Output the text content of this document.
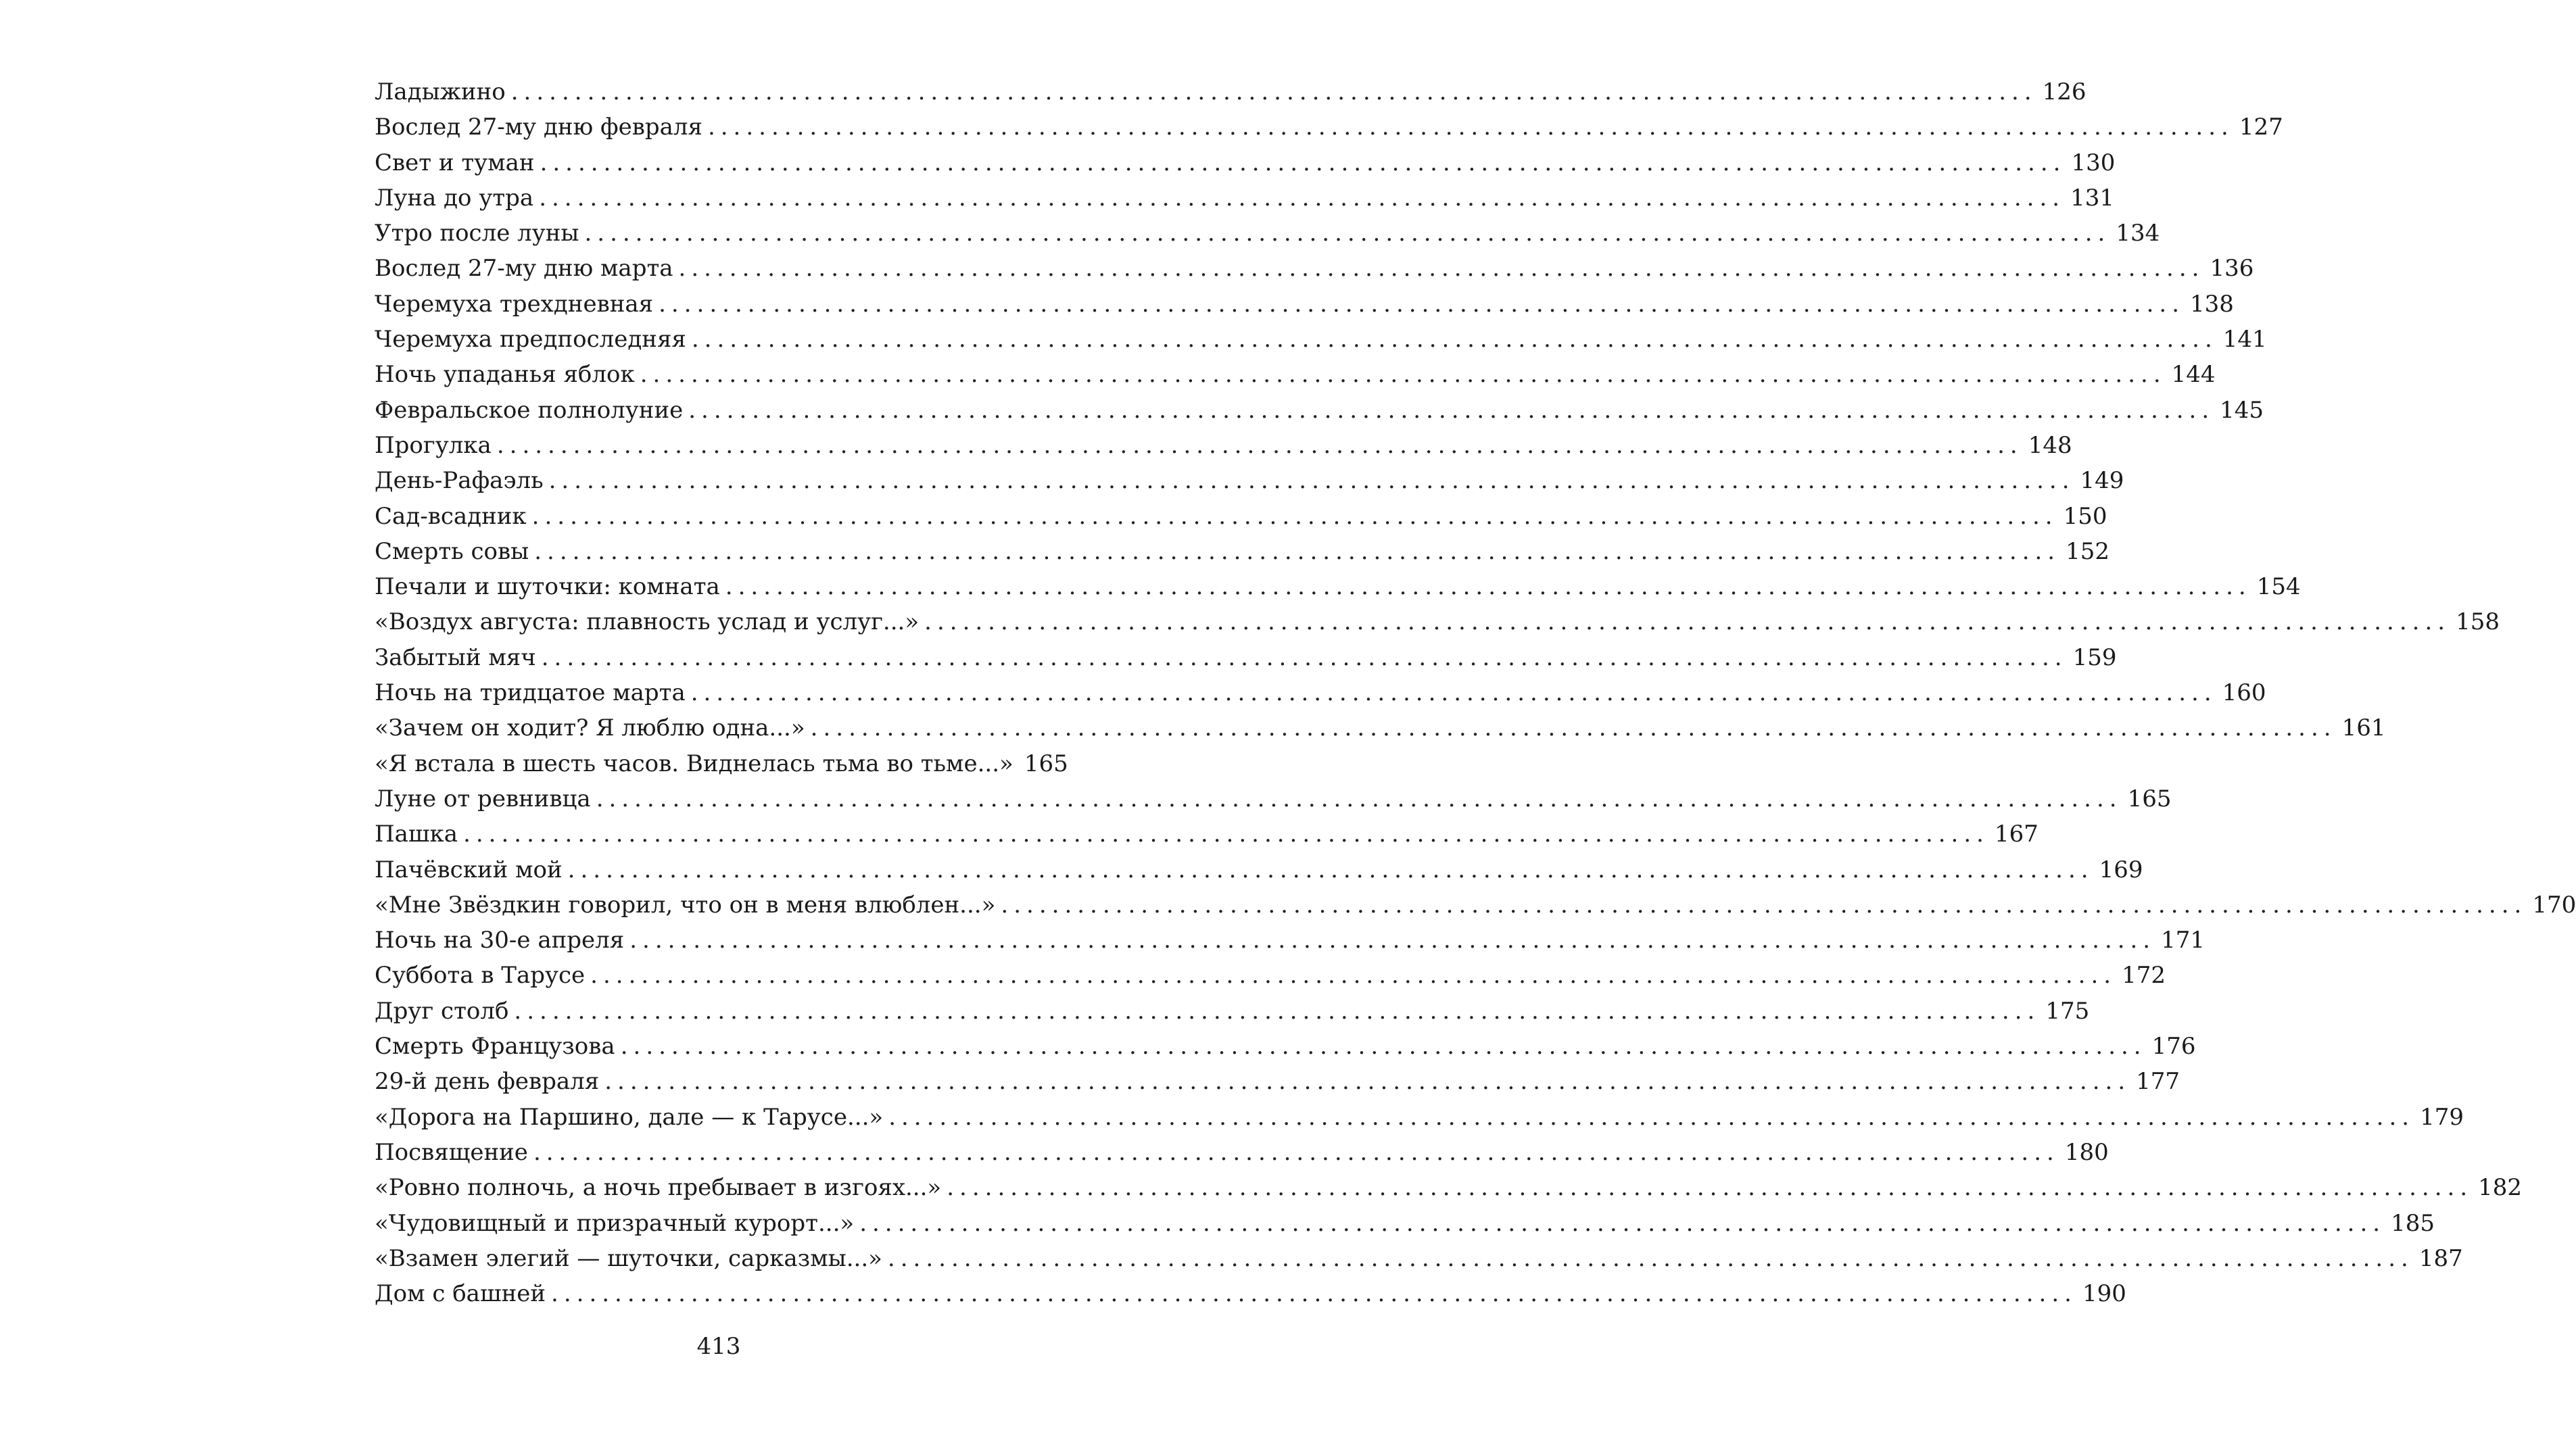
Ладыжино ........................................................................................................................ 126
Вослед 27-му дню февраля ........................................................................................................................ 127
Свет и туман ........................................................................................................................ 130
Луна до утра ........................................................................................................................ 131
Утро после луны ........................................................................................................................ 134
Вослед 27-му дню марта ........................................................................................................................ 136
Черемуха трехдневная ........................................................................................................................ 138
Черемуха предпоследняя ........................................................................................................................ 141
Ночь упаданья яблок ........................................................................................................................ 144
Февральское полнолуние ........................................................................................................................ 145
Прогулка ........................................................................................................................ 148
День-Рафаэль ........................................................................................................................ 149
Сад-всадник ........................................................................................................................ 150
Смерть совы ........................................................................................................................ 152
Печали и шуточки: комната ........................................................................................................................ 154
«Воздух августа: плавность услад и услуг...» ........................................................................................................................ 158
Забытый мяч ........................................................................................................................ 159
Ночь на тридцатое марта ........................................................................................................................ 160
«Зачем он ходит? Я люблю одна...» ........................................................................................................................ 161
«Я встала в шесть часов. Виднелась тьма во тьме...» 165
Луне от ревнивца ........................................................................................................................ 165
Пашка ........................................................................................................................ 167
Пачёвский мой ........................................................................................................................ 169
«Мне Звёздкин говорил, что он в меня влюблен...» ........................................................................................................................ 170
Ночь на 30-е апреля ........................................................................................................................ 171
Суббота в Тарусе ........................................................................................................................ 172
Друг столб ........................................................................................................................ 175
Смерть Французова ........................................................................................................................ 176
29-й день февраля ........................................................................................................................ 177
«Дорога на Паршино, дале — к Тарусе...» ........................................................................................................................ 179
Посвящение ........................................................................................................................ 180
«Ровно полночь, а ночь пребывает в изгоях...» ........................................................................................................................ 182
«Чудовищный и призрачный курорт...» ........................................................................................................................ 185
«Взамен элегий — шуточки, сарказмы...» ........................................................................................................................ 187
Дом с башней ........................................................................................................................ 190
413
